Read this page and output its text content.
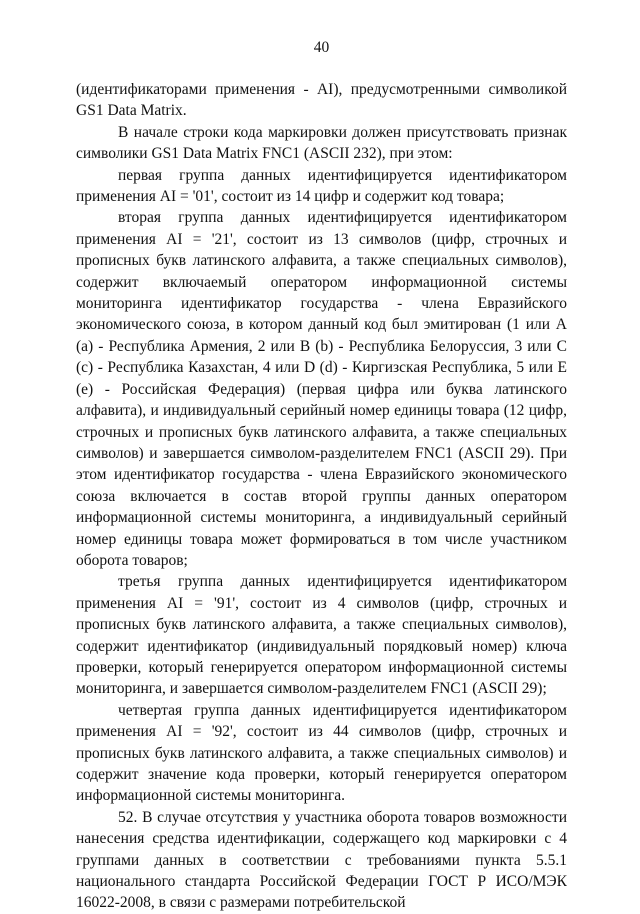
40

(идентификаторами применения - AI), предусмотренными символикой GS1 Data Matrix.

В начале строки кода маркировки должен присутствовать признак символики GS1 Data Matrix FNC1 (ASCII 232), при этом:

первая группа данных идентифицируется идентификатором применения AI = '01', состоит из 14 цифр и содержит код товара;

вторая группа данных идентифицируется идентификатором применения AI = '21', состоит из 13 символов (цифр, строчных и прописных букв латинского алфавита, а также специальных символов), содержит включаемый оператором информационной системы мониторинга идентификатор государства - члена Евразийского экономического союза, в котором данный код был эмитирован (1 или A (a) - Республика Армения, 2 или B (b) - Республика Белоруссия, 3 или C (c) - Республика Казахстан, 4 или D (d) - Киргизская Республика, 5 или E (e) - Российская Федерация) (первая цифра или буква латинского алфавита), и индивидуальный серийный номер единицы товара (12 цифр, строчных и прописных букв латинского алфавита, а также специальных символов) и завершается символом-разделителем FNC1 (ASCII 29). При этом идентификатор государства - члена Евразийского экономического союза включается в состав второй группы данных оператором информационной системы мониторинга, а индивидуальный серийный номер единицы товара может формироваться в том числе участником оборота товаров;

третья группа данных идентифицируется идентификатором применения AI = '91', состоит из 4 символов (цифр, строчных и прописных букв латинского алфавита, а также специальных символов), содержит идентификатор (индивидуальный порядковый номер) ключа проверки, который генерируется оператором информационной системы мониторинга, и завершается символом-разделителем FNC1 (ASCII 29);

четвертая группа данных идентифицируется идентификатором применения AI = '92', состоит из 44 символов (цифр, строчных и прописных букв латинского алфавита, а также специальных символов) и содержит значение кода проверки, который генерируется оператором информационной системы мониторинга.

52. В случае отсутствия у участника оборота товаров возможности нанесения средства идентификации, содержащего код маркировки с 4 группами данных в соответствии с требованиями пункта 5.5.1 национального стандарта Российской Федерации ГОСТ Р ИСО/МЭК 16022-2008, в связи с размерами потребительской
